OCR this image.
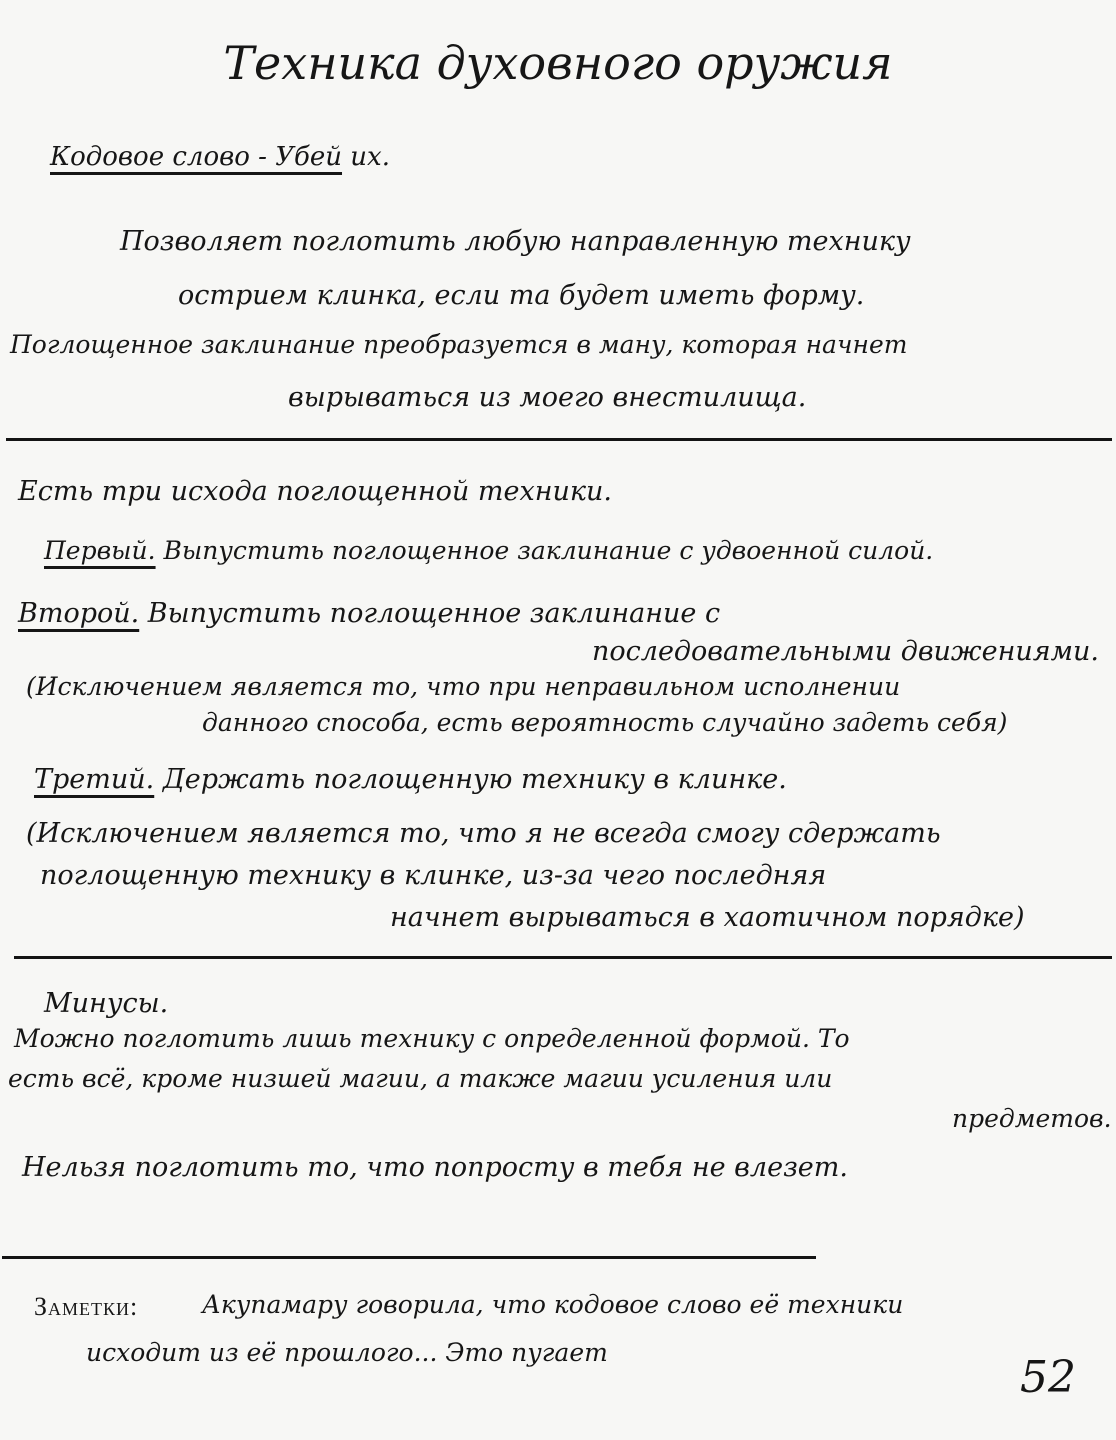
Техника духовного оружия
Кодовое слово - Убей их.
Позволяет поглотить любую направленную технику
острием клинка, если та будет иметь форму.
Поглощенное заклинание преобразуется в ману, которая начнет
вырываться из моего внестилища.
Есть три исхода поглощенной техники.
Первый. Выпустить поглощенное заклинание с удвоенной силой.
Второй. Выпустить поглощенное заклинание с
последовательными движениями.
(Исключением является то, что при неправильном исполнении
данного способа, есть вероятность случайно задеть себя)
Третий. Держать поглощенную технику в клинке.
(Исключением является то, что я не всегда смогу сдержать
поглощенную технику в клинке, из-за чего последняя
начнет вырываться в хаотичном порядке)
Минусы.
Можно поглотить лишь технику с определенной формой. То
есть всё, кроме низшей магии, а также магии усиления или
предметов.
Нельзя поглотить то, что попросту в тебя не влезет.
Заметки:	Акупамару говорила, что кодовое слово её техники
исходит из её прошлого... Это пугает	52
